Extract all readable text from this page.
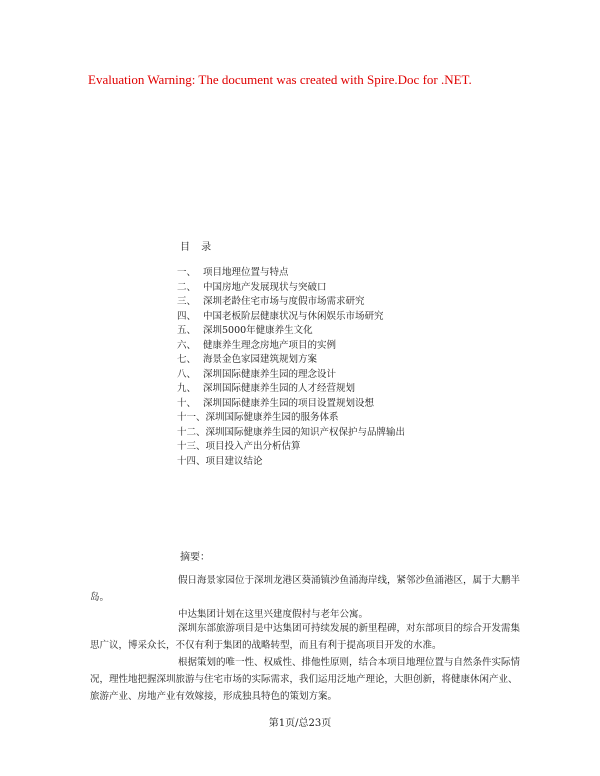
Evaluation Warning: The document was created with Spire.Doc for .NET.
目 录
一、 项目地理位置与特点
二、 中国房地产发展现状与突破口
三、 深圳老龄住宅市场与度假市场需求研究
四、 中国老板阶层健康状况与休闲娱乐市场研究
五、 深圳5000年健康养生文化
六、 健康养生理念房地产项目的实例
七、 海景金色家园建筑规划方案
八、 深圳国际健康养生园的理念设计
九、 深圳国际健康养生园的人才经营规划
十、 深圳国际健康养生园的项目设置规划设想
十一、深圳国际健康养生园的服务体系
十二、深圳国际健康养生园的知识产权保护与品牌输出
十三、项目投入产出分析估算
十四、项目建议结论
摘要：
假日海景家园位于深圳龙港区葵涌镇沙鱼涌海岸线，紧邻沙鱼涌港区，属于大鹏半岛。
中达集团计划在这里兴建度假村与老年公寓。
深圳东部旅游项目是中达集团可持续发展的新里程碑，对东部项目的综合开发需集思广议，博采众长，不仅有利于集团的战略转型，而且有利于提高项目开发的水准。
根据策划的唯一性、权威性、排他性原则，结合本项目地理位置与自然条件实际情况，理性地把握深圳旅游与住宅市场的实际需求，我们运用泛地产理论，大胆创新，将健康休闲产业、旅游产业、房地产业有效嫁接，形成独具特色的策划方案。
第1页/总23页
